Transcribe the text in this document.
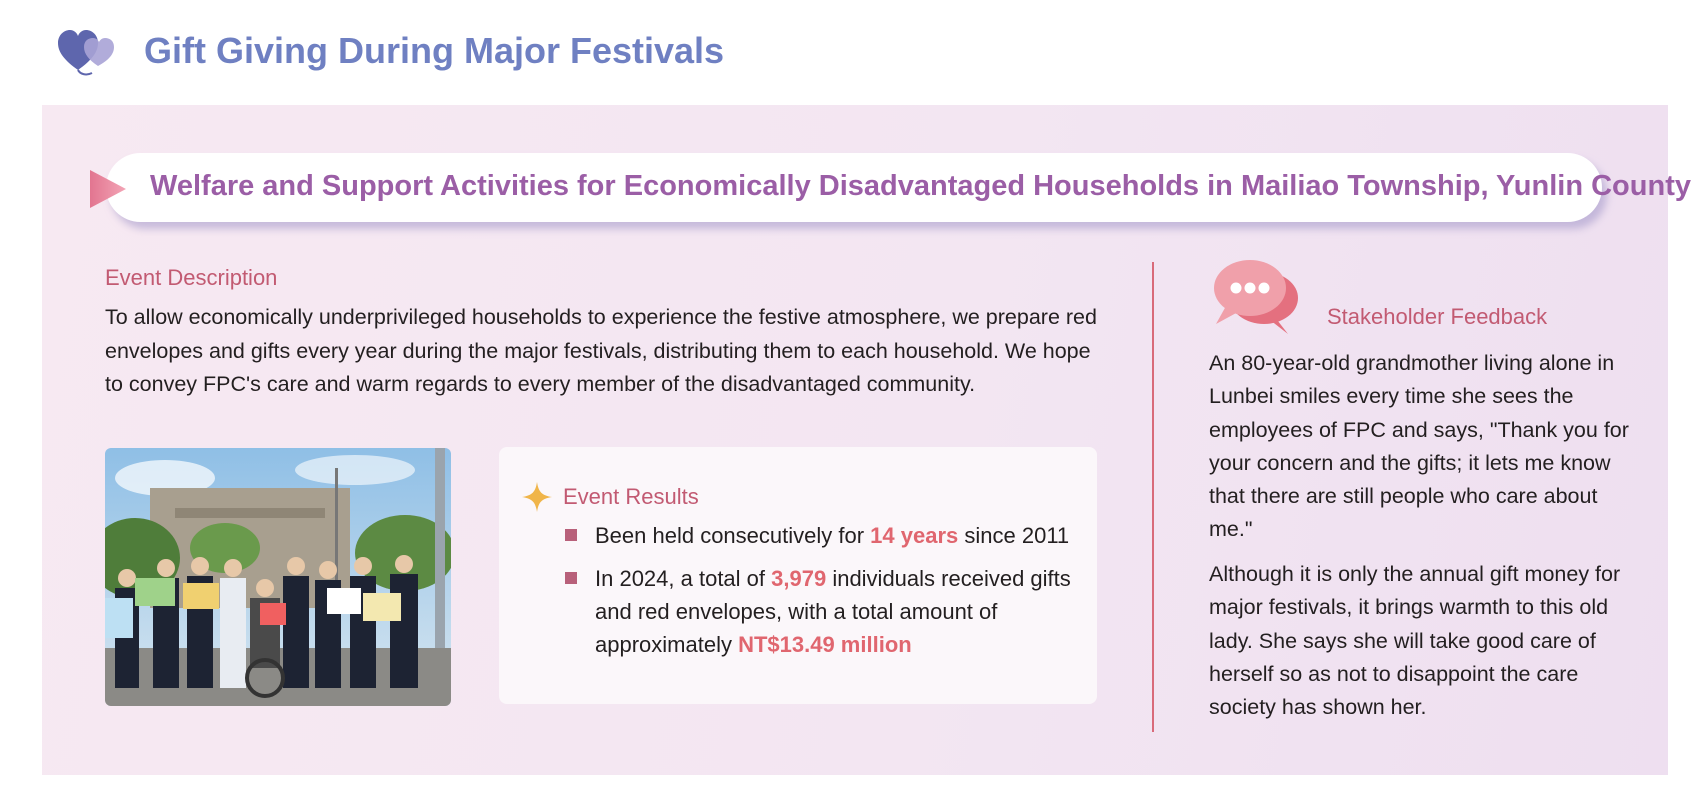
Gift Giving During Major Festivals
Welfare and Support Activities for Economically Disadvantaged Households in Mailiao Township, Yunlin County
Event Description
To allow economically underprivileged households to experience the festive atmosphere, we prepare red envelopes and gifts every year during the major festivals, distributing them to each household. We hope to convey FPC's care and warm regards to every member of the disadvantaged community.
Event Results
Been held consecutively for 14 years since 2011
In 2024, a total of 3,979 individuals received gifts and red envelopes, with a total amount of approximately NT$13.49 million
Stakeholder Feedback
An 80-year-old grandmother living alone in Lunbei smiles every time she sees the employees of FPC and says, "Thank you for your concern and the gifts; it lets me know that there are still people who care about me."
Although it is only the annual gift money for major festivals, it brings warmth to this old lady. She says she will take good care of herself so as not to disappoint the care society has shown her.
